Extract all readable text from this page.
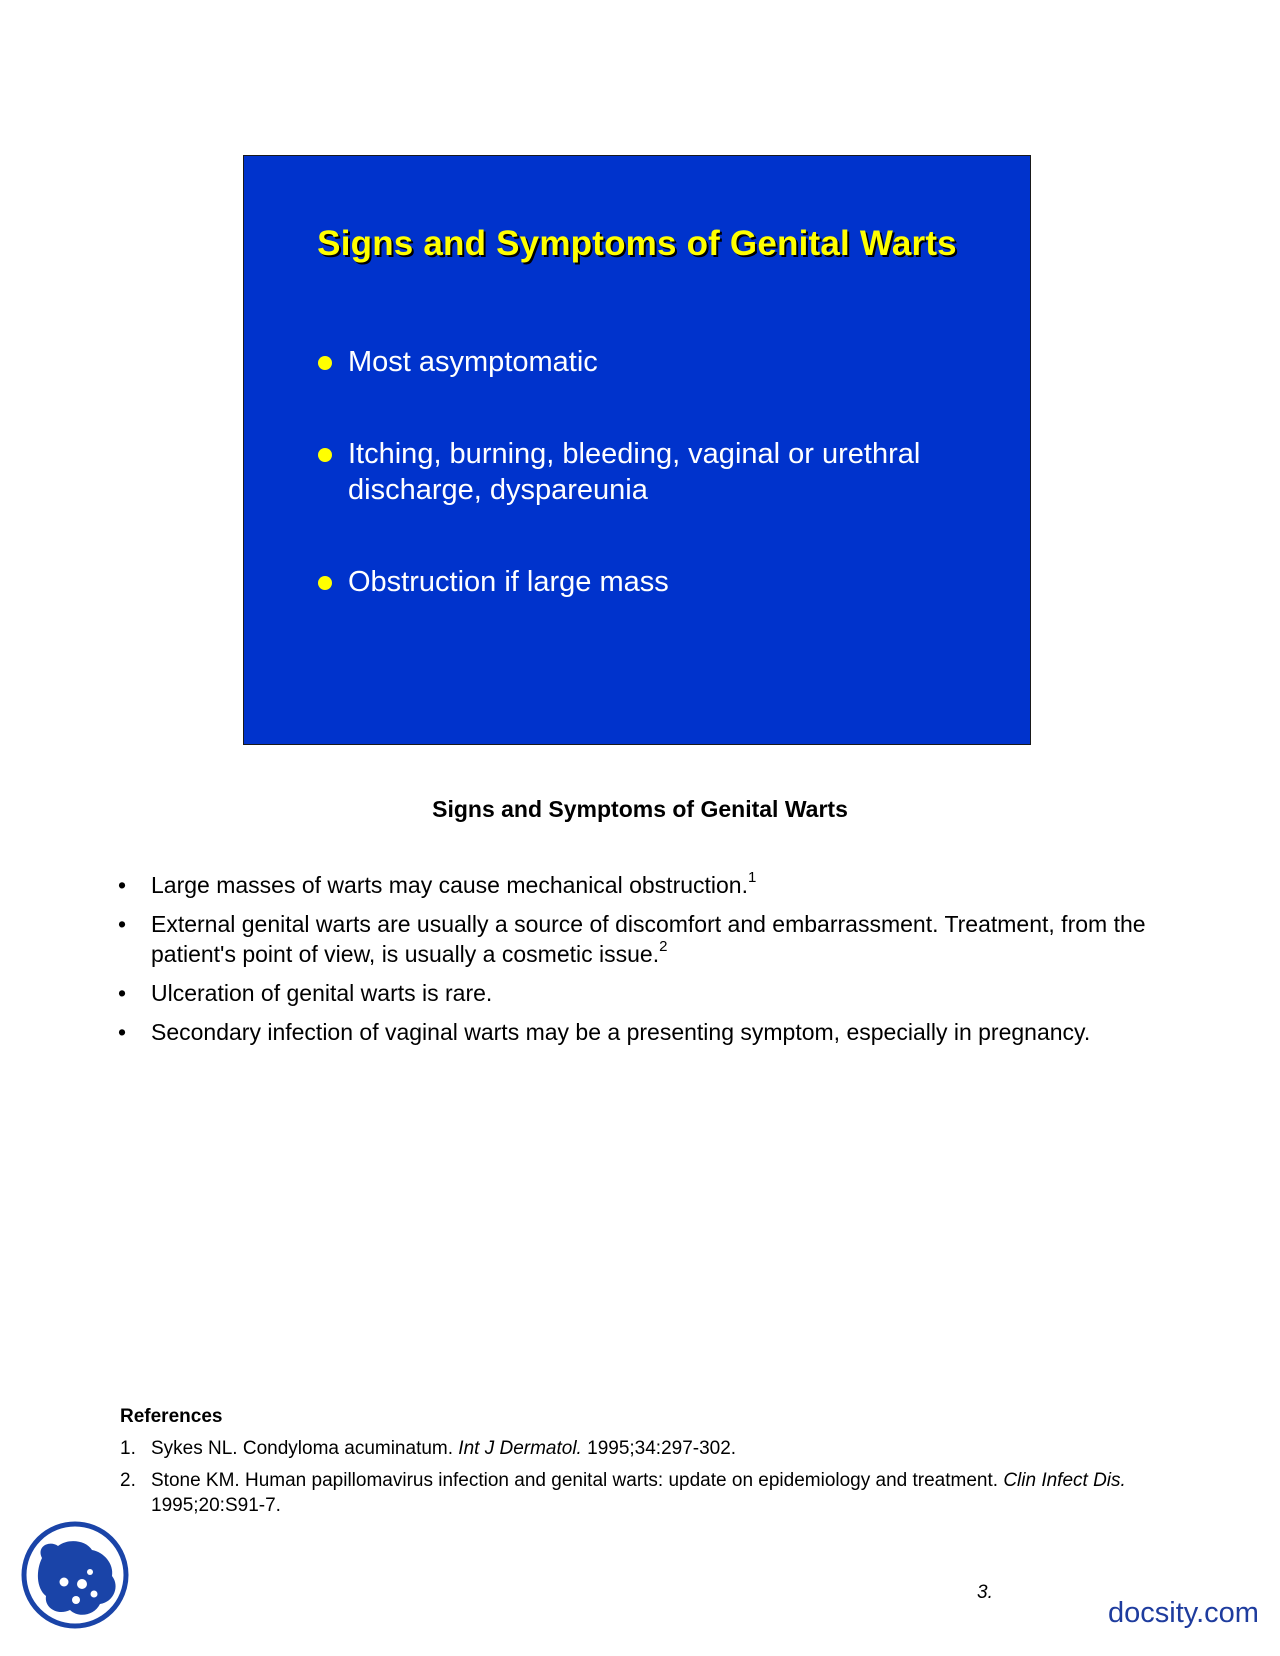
Signs and Symptoms of Genital Warts
Most asymptomatic
Itching, burning, bleeding, vaginal or urethral discharge, dyspareunia
Obstruction if large mass
Signs and Symptoms of Genital Warts
• Large masses of warts may cause mechanical obstruction.$^1$
• External genital warts are usually a source of discomfort and embarrassment. Treatment, from the patient's point of view, is usually a cosmetic issue.$^2$
• Ulceration of genital warts is rare.
• Secondary infection of vaginal warts may be a presenting symptom, especially in pregnancy.
References
1. Sykes NL. Condyloma acuminatum. Int J Dermatol. 1995;34:297-302.
2. Stone KM. Human papillomavirus infection and genital warts: update on epidemiology and treatment. Clin Infect Dis. 1995;20:S91-7.
3.
docsity.com
